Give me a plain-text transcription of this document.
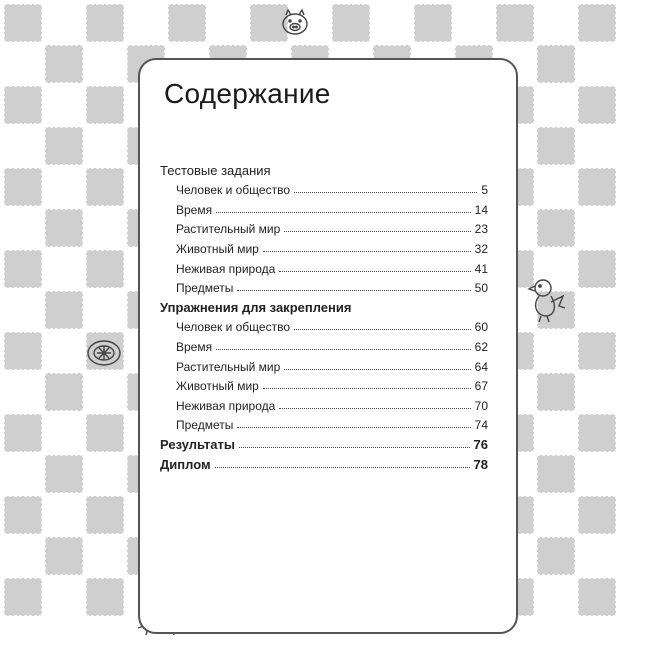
Содержание
Тестовые задания
Человек и общество	5
Время	14
Растительный мир	23
Животный мир	32
Неживая природа	41
Предметы	50
Упражнения для закрепления
Человек и общество	60
Время	62
Растительный мир	64
Животный мир	67
Неживая природа	70
Предметы	74
Результаты	76
Диплом	78
